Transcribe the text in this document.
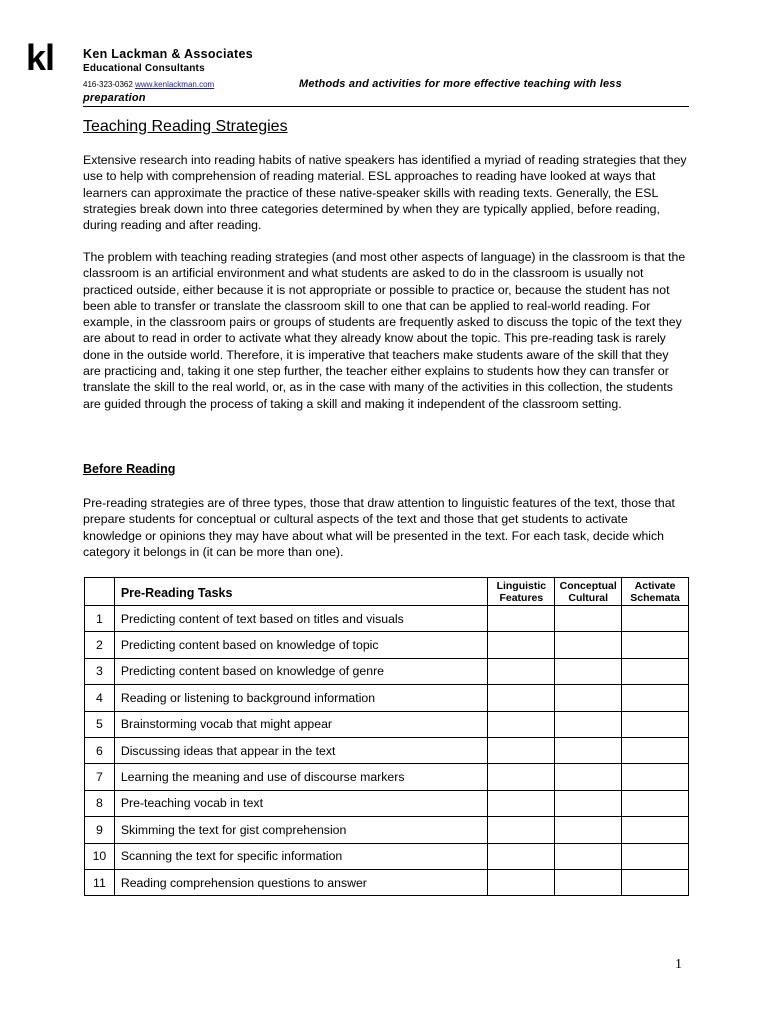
kl Ken Lackman & Associates
Educational Consultants
416-323-0362 www.kenlackman.com	Methods and activities for more effective teaching with less
preparation
Teaching Reading Strategies

Extensive research into reading habits of native speakers has identified a myriad of reading strategies that they use to help with comprehension of reading material. ESL approaches to reading have looked at ways that learners can approximate the practice of these native-speaker skills with reading texts. Generally, the ESL strategies break down into three categories determined by when they are typically applied, before reading, during reading and after reading.

The problem with teaching reading strategies (and most other aspects of language) in the classroom is that the classroom is an artificial environment and what students are asked to do in the classroom is usually not practiced outside, either because it is not appropriate or possible to practice or, because the student has not been able to transfer or translate the classroom skill to one that can be applied to real-world reading. For example, in the classroom pairs or groups of students are frequently asked to discuss the topic of the text they are about to read in order to activate what they already know about the topic. This pre-reading task is rarely done in the outside world. Therefore, it is imperative that teachers make students aware of the skill that they are practicing and, taking it one step further, the teacher either explains to students how they can transfer or translate the skill to the real world, or, as in the case with many of the activities in this collection, the students are guided through the process of taking a skill and making it independent of the classroom setting.

Before Reading

Pre-reading strategies are of three types, those that draw attention to linguistic features of the text, those that prepare students for conceptual or cultural aspects of the text and those that get students to activate knowledge or opinions they may have about what will be presented in the text. For each task, decide which category it belongs in (it can be more than one).

	Pre-Reading Tasks	Linguistic Features	Conceptual Cultural	Activate Schemata
1	Predicting content of text based on titles and visuals			
2	Predicting content based on knowledge of topic			
3	Predicting content based on knowledge of genre			
4	Reading or listening to background information			
5	Brainstorming vocab that might appear			
6	Discussing ideas that appear in the text			
7	Learning the meaning and use of discourse markers			
8	Pre-teaching vocab in text			
9	Skimming the text for gist comprehension			
10	Scanning the text for specific information			
11	Reading comprehension questions to answer			
1
